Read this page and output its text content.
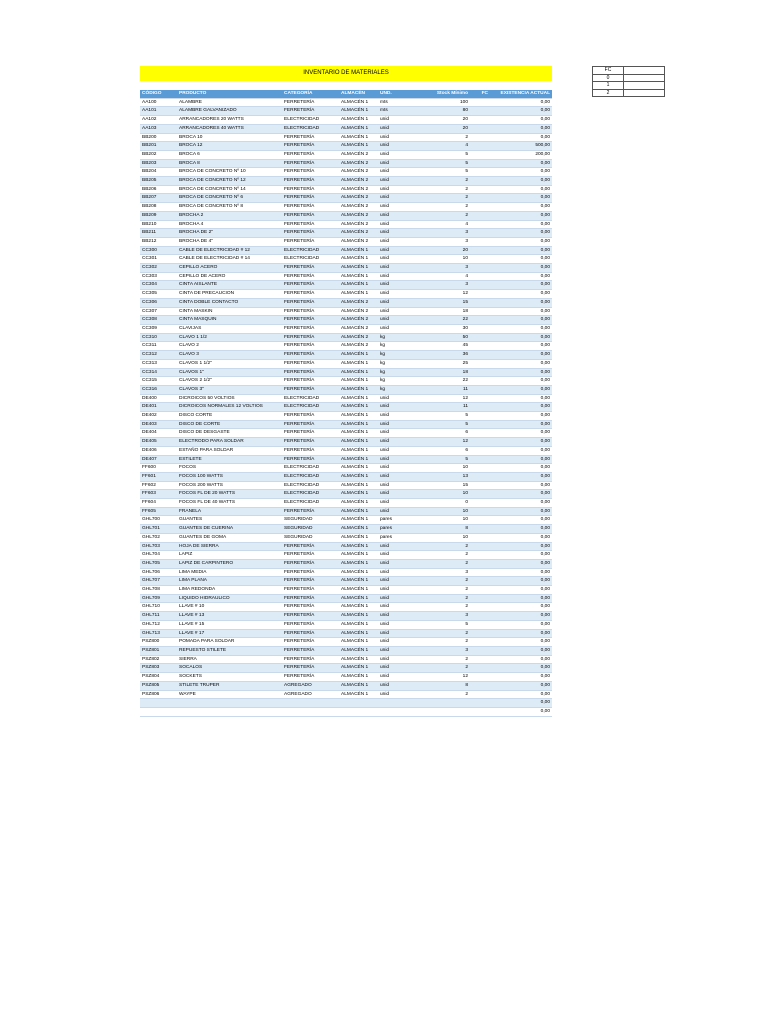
INVENTARIO DE MATERIALES
CÓDIGO	PRODUCTO	CATEGORÍA	ALMACÉN	UND.	Stock Mínimo	FC	EXISTENCIA ACTUAL
AA100	ALAMBRE	FERRETERÍA	ALMACÉN 1	mts	100		0,00
AA101	ALAMBRE GALVANIZADO	FERRETERÍA	ALMACÉN 1	mts	80		0,00
AA102	ARRANCADORES 20 WATTS	ELECTRICIDAD	ALMACÉN 1	unid	20		0,00
AA103	ARRANCADORES 40 WATTS	ELECTRICIDAD	ALMACÉN 1	unid	20		0,00
BB200	BROCA 10	FERRETERÍA	ALMACÉN 1	unid	2		0,00
BB201	BROCA 12	FERRETERÍA	ALMACÉN 1	unid	4		500,00
BB202	BROCA 6	FERRETERÍA	ALMACÉN 2	unid	5		200,00
BB203	BROCA 8	FERRETERÍA	ALMACÉN 2	unid	5		0,00
BB204	BROCA DE CONCRETO Nº 10	FERRETERÍA	ALMACÉN 2	unid	5		0,00
BB205	BROCA DE CONCRETO Nº 12	FERRETERÍA	ALMACÉN 2	unid	2		0,00
BB206	BROCA DE CONCRETO Nº 14	FERRETERÍA	ALMACÉN 2	unid	2		0,00
BB207	BROCA DE CONCRETO Nº 6	FERRETERÍA	ALMACÉN 2	unid	2		0,00
BB208	BROCA DE CONCRETO Nº 8	FERRETERÍA	ALMACÉN 2	unid	2		0,00
BB209	BROCHA 2	FERRETERÍA	ALMACÉN 2	unid	2		0,00
BB210	BROCHA 4	FERRETERÍA	ALMACÉN 2	unid	4		0,00
BB211	BROCHA DE 2"	FERRETERÍA	ALMACÉN 2	unid	3		0,00
BB212	BROCHA DE 4"	FERRETERÍA	ALMACÉN 2	unid	3		0,00
CC300	CABLE DE ELECTRICIDAD # 12	ELECTRICIDAD	ALMACÉN 1	unid	20		0,00
CC301	CABLE DE ELECTRICIDAD # 14	ELECTRICIDAD	ALMACÉN 1	unid	10		0,00
CC302	CEPILLO ACERO	FERRETERÍA	ALMACÉN 1	unid	3		0,00
CC303	CEPILLO DE ACERO	FERRETERÍA	ALMACÉN 1	unid	4		0,00
CC304	CINTA AISLANTE	FERRETERÍA	ALMACÉN 1	unid	3		0,00
CC305	CINTA DE PRECAUCION	FERRETERÍA	ALMACÉN 1	unid	12		0,00
CC306	CINTA DOBLE CONTACTO	FERRETERÍA	ALMACÉN 2	unid	15		0,00
CC307	CINTA MASKIN	FERRETERÍA	ALMACÉN 2	unid	18		0,00
CC308	CINTA MASQUIN	FERRETERÍA	ALMACÉN 2	unid	22		0,00
CC309	CLAVIJAS	FERRETERÍA	ALMACÉN 2	unid	30		0,00
CC310	CLAVO 1 1/2	FERRETERÍA	ALMACÉN 2	kg	50		0,00
CC311	CLAVO 2	FERRETERÍA	ALMACÉN 2	kg	45		0,00
CC312	CLAVO 3	FERRETERÍA	ALMACÉN 1	kg	36		0,00
CC313	CLAVOS 1 1/2"	FERRETERÍA	ALMACÉN 1	kg	25		0,00
CC314	CLAVOS 1"	FERRETERÍA	ALMACÉN 1	kg	18		0,00
CC315	CLAVOS 2 1/2"	FERRETERÍA	ALMACÉN 1	kg	22		0,00
CC316	CLAVOS 3"	FERRETERÍA	ALMACÉN 1	kg	11		0,00
DE400	DICROICOS 50 VOLTIOS	ELECTRICIDAD	ALMACÉN 1	unid	12		0,00
DE401	DICROICOS NORMALES 12 VOLTIOS	ELECTRICIDAD	ALMACÉN 1	unid	11		0,00
DE402	DISCO CORTE	FERRETERÍA	ALMACÉN 1	unid	5		0,00
DE403	DISCO DE CORTE	FERRETERÍA	ALMACÉN 1	unid	5		0,00
DE404	DISCO DE DESGASTE	FERRETERÍA	ALMACÉN 1	unid	6		0,00
DE405	ELECTRODO PARA SOLDAR	FERRETERÍA	ALMACÉN 1	unid	12		0,00
DE406	ESTAÑO PARA SOLDAR	FERRETERÍA	ALMACÉN 1	unid	6		0,00
DE407	ESTILETE	FERRETERÍA	ALMACÉN 1	unid	5		0,00
FF600	FOCOS	ELECTRICIDAD	ALMACÉN 1	unid	10		0,00
FF601	FOCOS 100 WATTS	ELECTRICIDAD	ALMACÉN 1	unid	13		0,00
FF602	FOCOS 200 WATTS	ELECTRICIDAD	ALMACÉN 1	unid	15		0,00
FF603	FOCOS FL DE 20 WATTS	ELECTRICIDAD	ALMACÉN 1	unid	10		0,00
FF604	FOCOS FL DE 40 WATTS	ELECTRICIDAD	ALMACÉN 1	unid	0		0,00
FF605	FRANELA	FERRETERÍA	ALMACÉN 1	unid	10		0,00
GHL700	GUANTES	SEGURIDAD	ALMACÉN 1	pares	10		0,00
GHL701	GUANTES DE CUERINA	SEGURIDAD	ALMACÉN 1	pares	8		0,00
GHL702	GUANTES DE GOMA	SEGURIDAD	ALMACÉN 1	pares	10		0,00
GHL703	HOJA DE SIERRA	FERRETERÍA	ALMACÉN 1	unid	2		0,00
GHL704	LAPIZ	FERRETERÍA	ALMACÉN 1	unid	2		0,00
GHL705	LAPIZ DE CARPINTERO	FERRETERÍA	ALMACÉN 1	unid	2		0,00
GHL706	LIMA MEDIA	FERRETERÍA	ALMACÉN 1	unid	3		0,00
GHL707	LIMA PLANA	FERRETERÍA	ALMACÉN 1	unid	2		0,00
GHL708	LIMA REDONDA	FERRETERÍA	ALMACÉN 1	unid	2		0,00
GHL709	LIQUIDO HIDRAULICO	FERRETERÍA	ALMACÉN 1	unid	2		0,00
GHL710	LLAVE # 10	FERRETERÍA	ALMACÉN 1	unid	2		0,00
GHL711	LLAVE # 13	FERRETERÍA	ALMACÉN 1	unid	3		0,00
GHL712	LLAVE # 15	FERRETERÍA	ALMACÉN 1	unid	5		0,00
GHL713	LLAVE # 17	FERRETERÍA	ALMACÉN 1	unid	2		0,00
PSZ800	POMADA PARA SOLDAR	FERRETERÍA	ALMACÉN 1	unid	2		0,00
PSZ801	REPUESTO STILETE	FERRETERÍA	ALMACÉN 1	unid	3		0,00
PSZ802	SIERRA	FERRETERÍA	ALMACÉN 1	unid	2		0,00
PSZ803	SOCALOS	FERRETERÍA	ALMACÉN 1	unid	2		0,00
PSZ804	SOCKETS	FERRETERÍA	ALMACÉN 1	unid	12		0,00
PSZ805	STILETE TRUPER	AGREGADO	ALMACÉN 1	unid	8		0,00
PSZ806	WAYPE	AGREGADO	ALMACÉN 1	unid	2		0,00
							0,00
							0,00
FC	
0	
1	
2	
